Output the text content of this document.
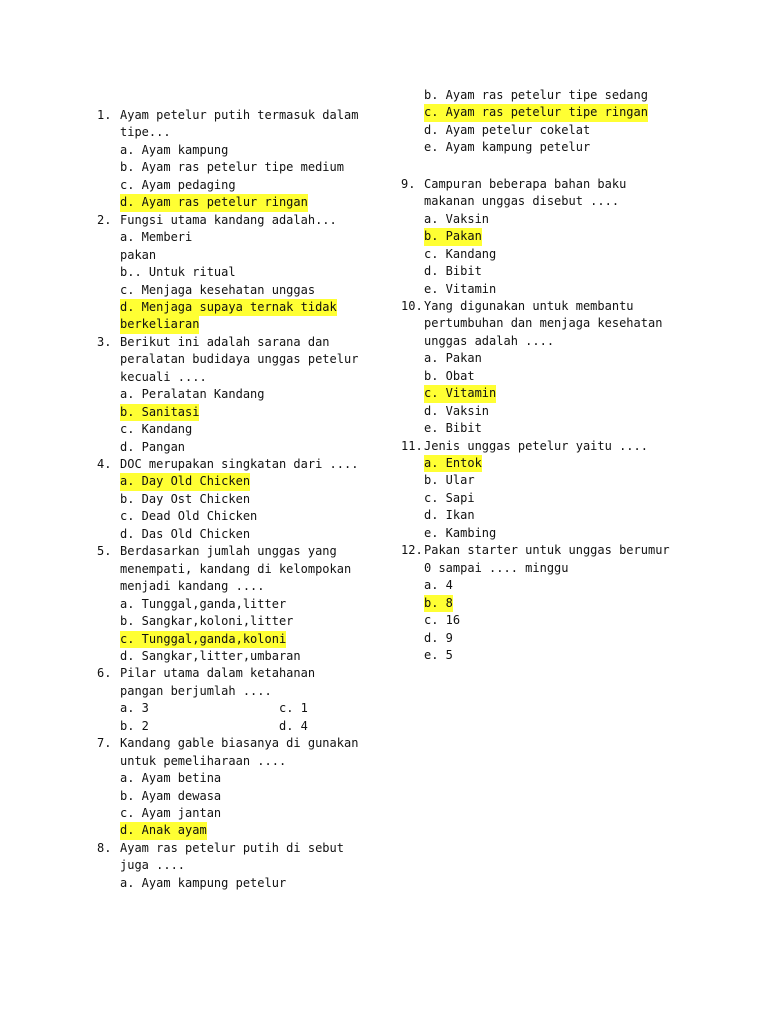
1. Ayam petelur putih termasuk dalam
tipe...
a. Ayam kampung
b. Ayam ras petelur tipe medium
c. Ayam pedaging
d. Ayam ras petelur ringan
2. Fungsi utama kandang adalah...
a. Memberi
pakan
b.. Untuk ritual
c. Menjaga kesehatan unggas
d. Menjaga supaya ternak tidak
berkeliaran
3. Berikut ini adalah sarana dan
peralatan budidaya unggas petelur
kecuali ....
a. Peralatan Kandang
b. Sanitasi
c. Kandang
d. Pangan
4. DOC merupakan singkatan dari ....
a. Day Old Chicken
b. Day Ost Chicken
c. Dead Old Chicken
d. Das Old Chicken
5. Berdasarkan jumlah unggas yang
menempati, kandang di kelompokan
menjadi kandang ....
a. Tunggal,ganda,litter
b. Sangkar,koloni,litter
c. Tunggal,ganda,koloni
d. Sangkar,litter,umbaran
6. Pilar utama dalam ketahanan
pangan berjumlah ....
a. 3	c. 1
b. 2	d. 4
7. Kandang gable biasanya di gunakan
untuk pemeliharaan ....
a. Ayam betina
b. Ayam dewasa
c. Ayam jantan
d. Anak ayam
8. Ayam ras petelur putih di sebut
juga ....
a. Ayam kampung petelur
b. Ayam ras petelur tipe sedang
c. Ayam ras petelur tipe ringan
d. Ayam petelur cokelat
e. Ayam kampung petelur
9. Campuran beberapa bahan baku
makanan unggas disebut ....
a. Vaksin
b. Pakan
c. Kandang
d. Bibit
e. Vitamin
10. Yang digunakan untuk membantu
pertumbuhan dan menjaga kesehatan
unggas adalah ....
a. Pakan
b. Obat
c. Vitamin
d. Vaksin
e. Bibit
11. Jenis unggas petelur yaitu ....
a. Entok
b. Ular
c. Sapi
d. Ikan
e. Kambing
12. Pakan starter untuk unggas berumur
0 sampai .... minggu
a. 4
b. 8
c. 16
d. 9
e. 5
